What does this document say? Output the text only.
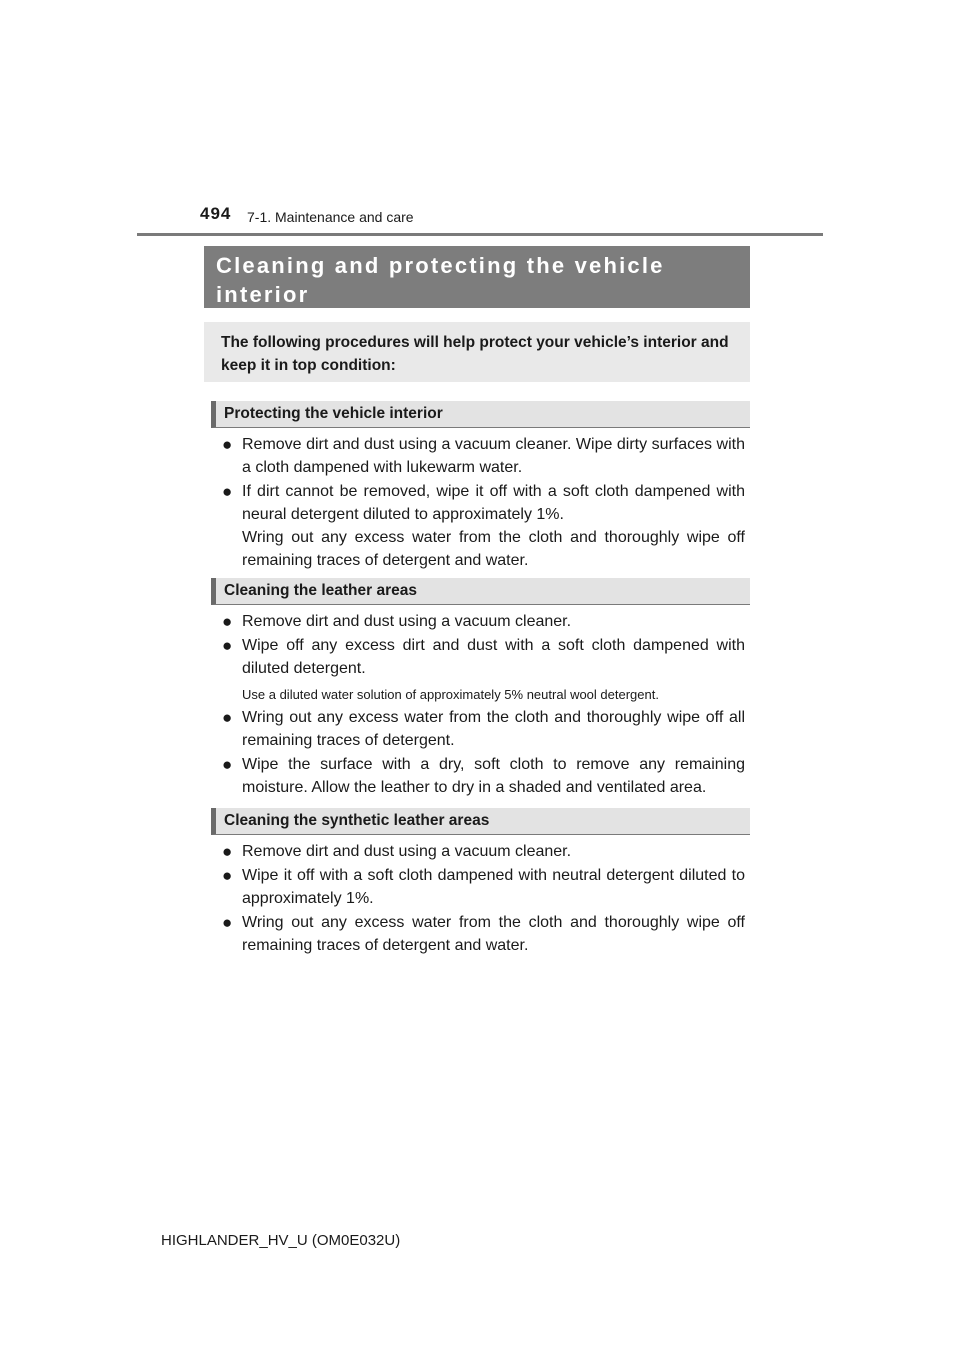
494 7-1. Maintenance and care
Cleaning and protecting the vehicle interior
The following procedures will help protect your vehicle’s interior and keep it in top condition:
Protecting the vehicle interior
● Remove dirt and dust using a vacuum cleaner. Wipe dirty surfaces with a cloth dampened with lukewarm water.
● If dirt cannot be removed, wipe it off with a soft cloth dampened with neural detergent diluted to approximately 1%.
Wring out any excess water from the cloth and thoroughly wipe off remaining traces of detergent and water.
Cleaning the leather areas
● Remove dirt and dust using a vacuum cleaner.
● Wipe off any excess dirt and dust with a soft cloth dampened with diluted detergent.
Use a diluted water solution of approximately 5% neutral wool detergent.
● Wring out any excess water from the cloth and thoroughly wipe off all remaining traces of detergent.
● Wipe the surface with a dry, soft cloth to remove any remaining moisture. Allow the leather to dry in a shaded and ventilated area.
Cleaning the synthetic leather areas
● Remove dirt and dust using a vacuum cleaner.
● Wipe it off with a soft cloth dampened with neutral detergent diluted to approximately 1%.
● Wring out any excess water from the cloth and thoroughly wipe off remaining traces of detergent and water.
HIGHLANDER_HV_U (OM0E032U)
